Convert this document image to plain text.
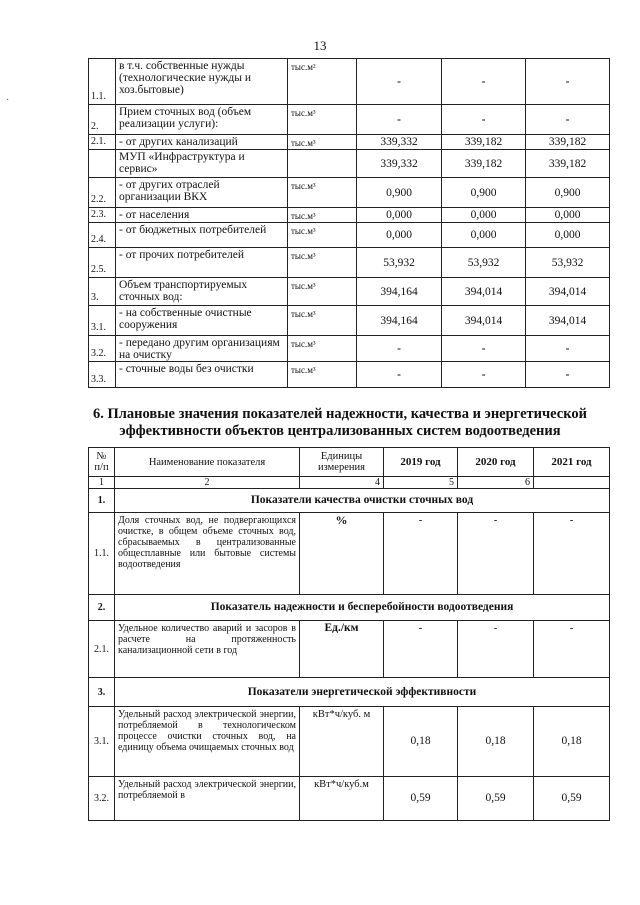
13
·	1.1.	в т.ч. собственные нужды (технологические нужды и хоз.бытовые)	тыс.м²	-	-	-
2.	Прием сточных вод (объем реализации услуги):	тыс.м³	-	-	-
2.1.	- от других канализаций	тыс.м³	339,332	339,182	339,182
	МУП «Инфраструктура и сервис»		339,332	339,182	339,182
2.2.	- от других отраслей организации ВКХ	тыс.м³	0,900	0,900	0,900
2.3.	- от населения	тыс.м³	0,000	0,000	0,000
2.4.	- от бюджетных потребителей	тыс.м³	0,000	0,000	0,000
2.5.	- от прочих потребителей	тыс.м³	53,932	53,932	53,932
3.	Объем транспортируемых сточных вод:	тыс.м³	394,164	394,014	394,014
3.1.	- на собственные очистные сооружения	тыс.м³	394,164	394,014	394,014
3.2.	- передано другим организациям на очистку	тыс.м³	-	-	-
3.3.	- сточные воды без очистки	тыс.м³	-	-	-
6. Плановые значения показателей надежности, качества и энергетической эффективности объектов централизованных систем водоотведения
№ п/п	Наименование показателя	Единицы измерения	2019 год	2020 год	2021 год
1	2	4	5	6	
1.	Показатели качества очистки сточных вод				
1.1.	Доля сточных вод, не подвергающихся очистке, в общем объеме сточных вод, сбрасываемых в централизованные общесплавные или бытовые системы водоотведения	%	-	-	-
2.	Показатель надежности и бесперебойности водоотведения				
2.1.	Удельное количество аварий и засоров в расчете на протяженность канализационной сети в год	Ед./км	-	-	-
3.	Показатели энергетической эффективности				
3.1.	Удельный расход электрической энергии, потребляемой в технологическом процессе очистки сточных вод, на единицу объема очищаемых сточных вод	кВт*ч/куб. м	0,18	0,18	0,18
3.2.	Удельный расход электрической энергии, потребляемой в	кВт*ч/куб.м	0,59	0,59	0,59
